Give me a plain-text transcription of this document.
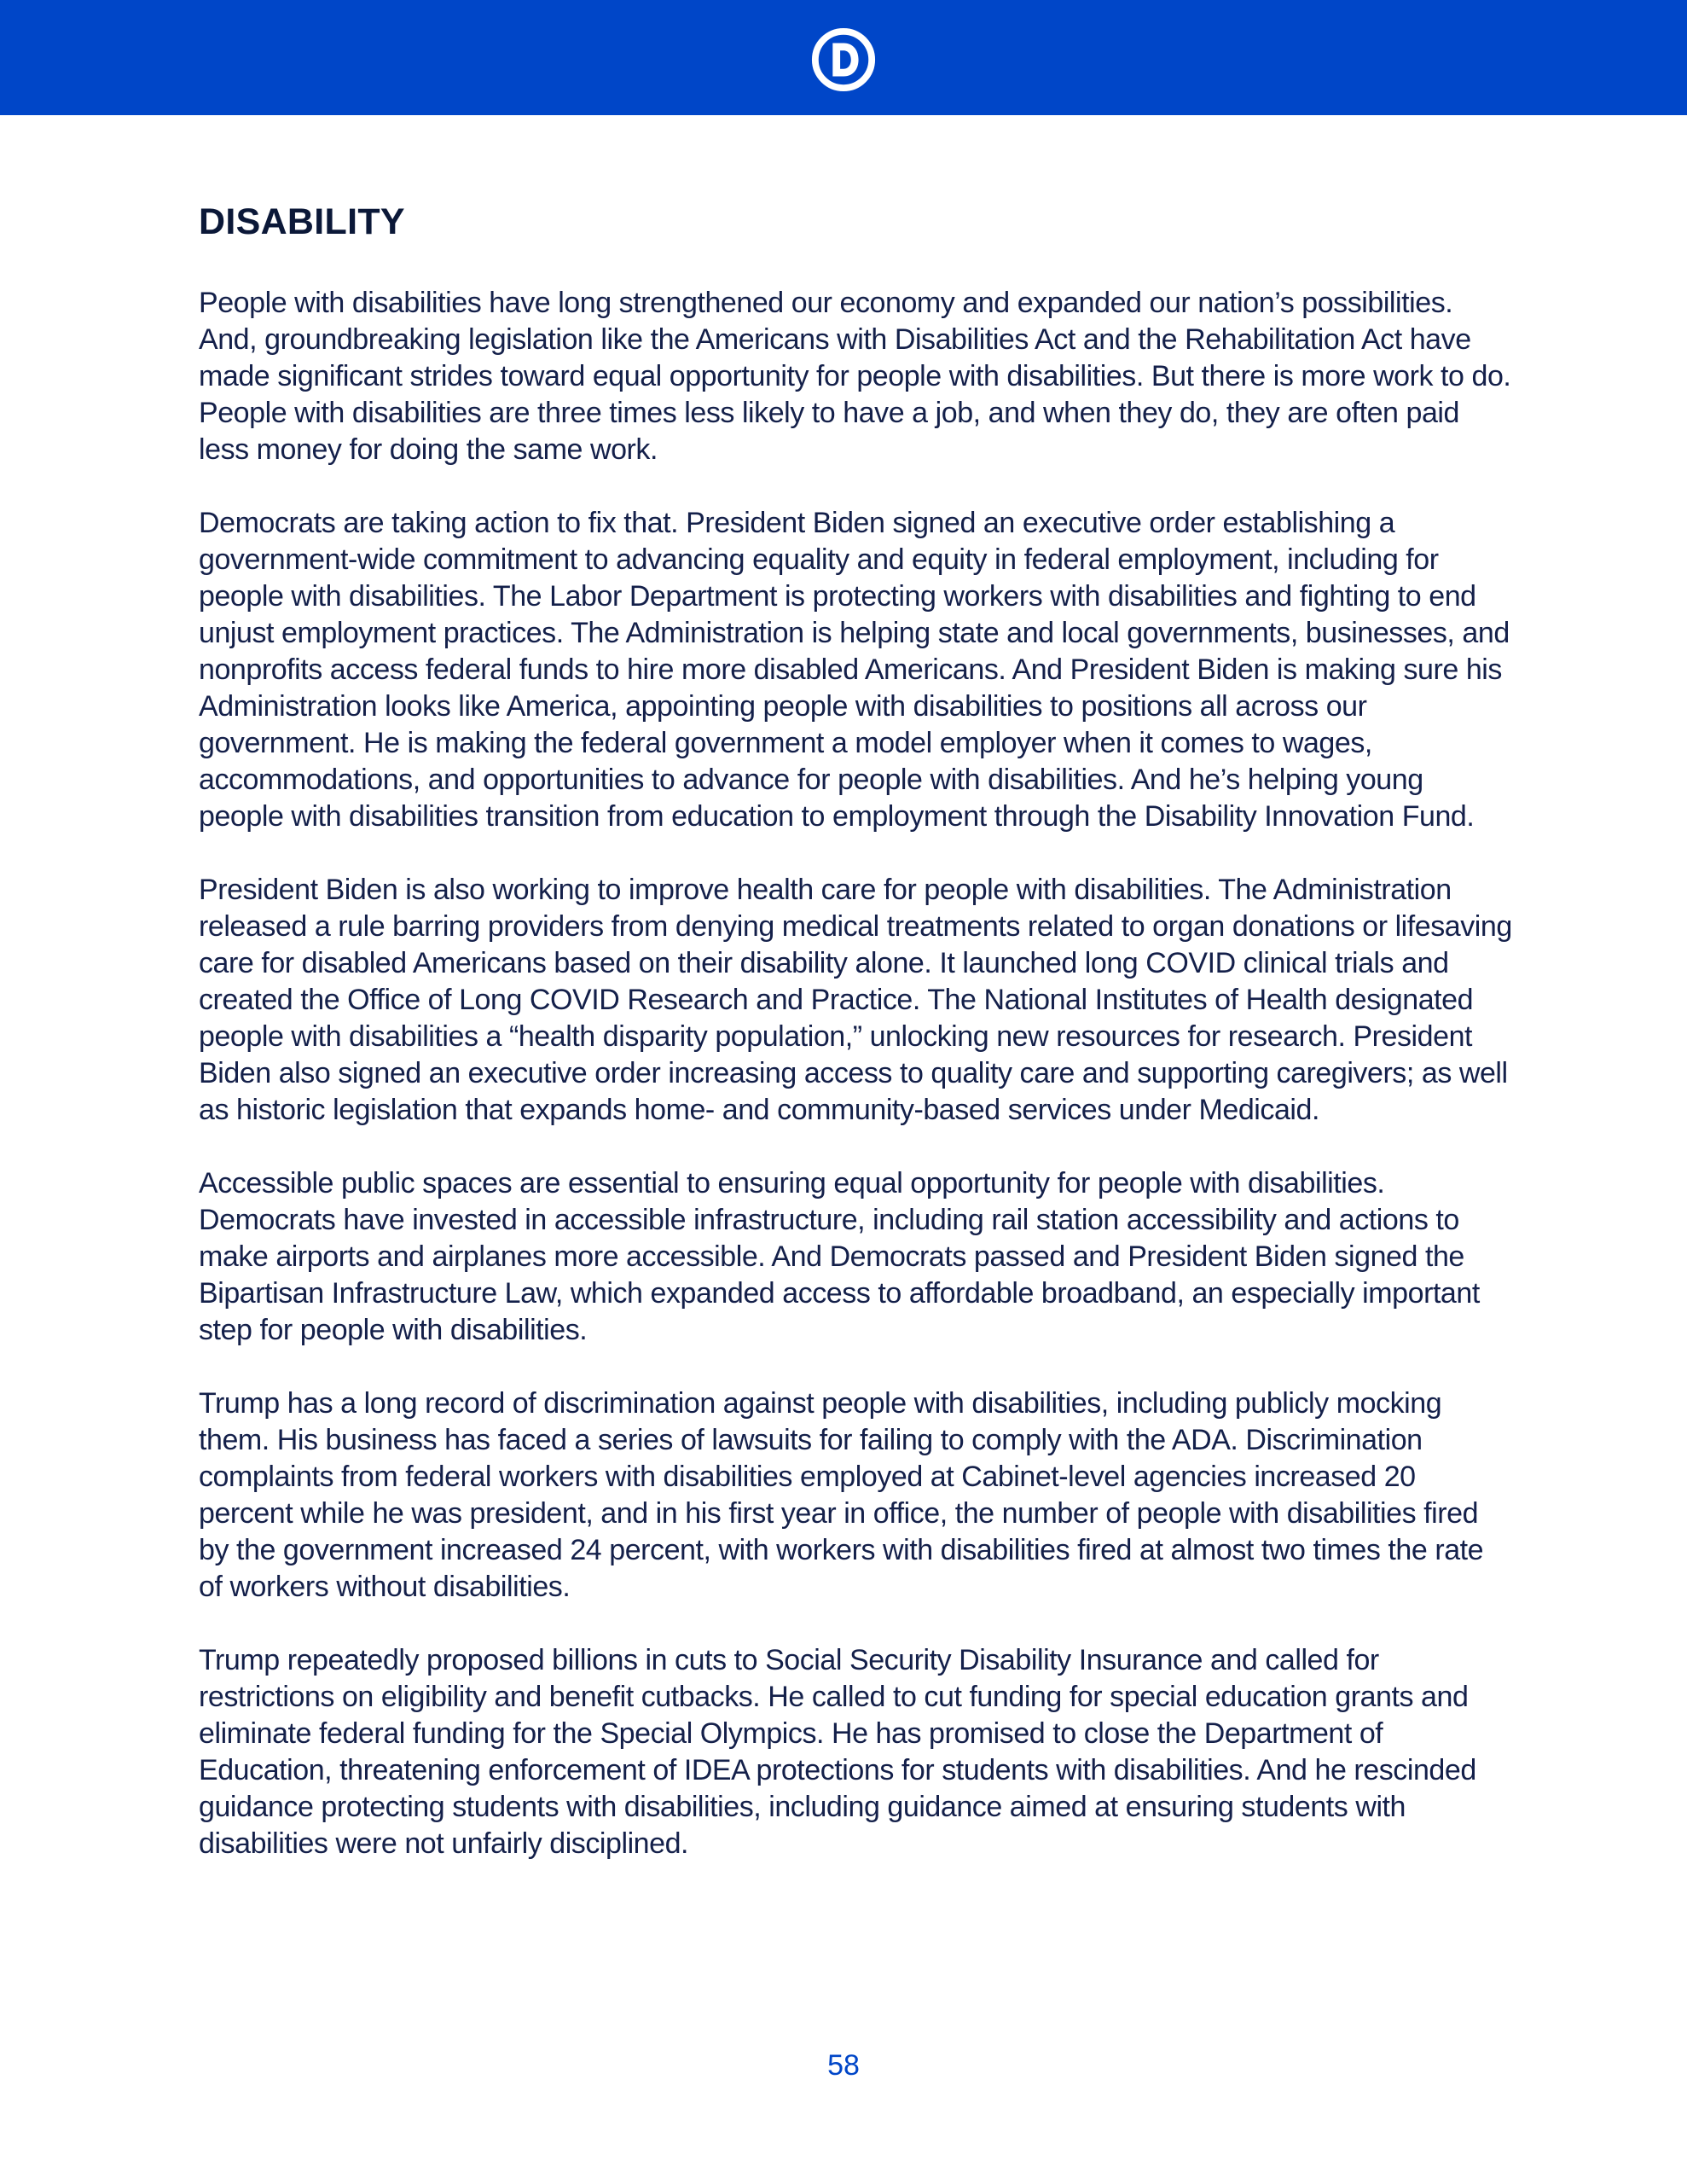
DISABILITY

People with disabilities have long strengthened our economy and expanded our nation’s possibilities. And, groundbreaking legislation like the Americans with Disabilities Act and the Rehabilitation Act have made significant strides toward equal opportunity for people with disabilities. But there is more work to do. People with disabilities are three times less likely to have a job, and when they do, they are often paid less money for doing the same work.

Democrats are taking action to fix that. President Biden signed an executive order establishing a government-wide commitment to advancing equality and equity in federal employment, including for people with disabilities. The Labor Department is protecting workers with disabilities and fighting to end unjust employment practices. The Administration is helping state and local governments, businesses, and nonprofits access federal funds to hire more disabled Americans. And President Biden is making sure his Administration looks like America, appointing people with disabilities to positions all across our government. He is making the federal government a model employer when it comes to wages, accommodations, and opportunities to advance for people with disabilities. And he’s helping young people with disabilities transition from education to employment through the Disability Innovation Fund.

President Biden is also working to improve health care for people with disabilities. The Administration released a rule barring providers from denying medical treatments related to organ donations or lifesaving care for disabled Americans based on their disability alone. It launched long COVID clinical trials and created the Office of Long COVID Research and Practice. The National Institutes of Health designated people with disabilities a “health disparity population,” unlocking new resources for research. President Biden also signed an executive order increasing access to quality care and supporting caregivers; as well as historic legislation that expands home- and community-based services under Medicaid.

Accessible public spaces are essential to ensuring equal opportunity for people with disabilities. Democrats have invested in accessible infrastructure, including rail station accessibility and actions to make airports and airplanes more accessible. And Democrats passed and President Biden signed the Bipartisan Infrastructure Law, which expanded access to affordable broadband, an especially important step for people with disabilities.

Trump has a long record of discrimination against people with disabilities, including publicly mocking them. His business has faced a series of lawsuits for failing to comply with the ADA. Discrimination complaints from federal workers with disabilities employed at Cabinet-level agencies increased 20 percent while he was president, and in his first year in office, the number of people with disabilities fired by the government increased 24 percent, with workers with disabilities fired at almost two times the rate of workers without disabilities.

Trump repeatedly proposed billions in cuts to Social Security Disability Insurance and called for restrictions on eligibility and benefit cutbacks. He called to cut funding for special education grants and eliminate federal funding for the Special Olympics. He has promised to close the Department of Education, threatening enforcement of IDEA protections for students with disabilities. And he rescinded guidance protecting students with disabilities, including guidance aimed at ensuring students with disabilities were not unfairly disciplined.

58
